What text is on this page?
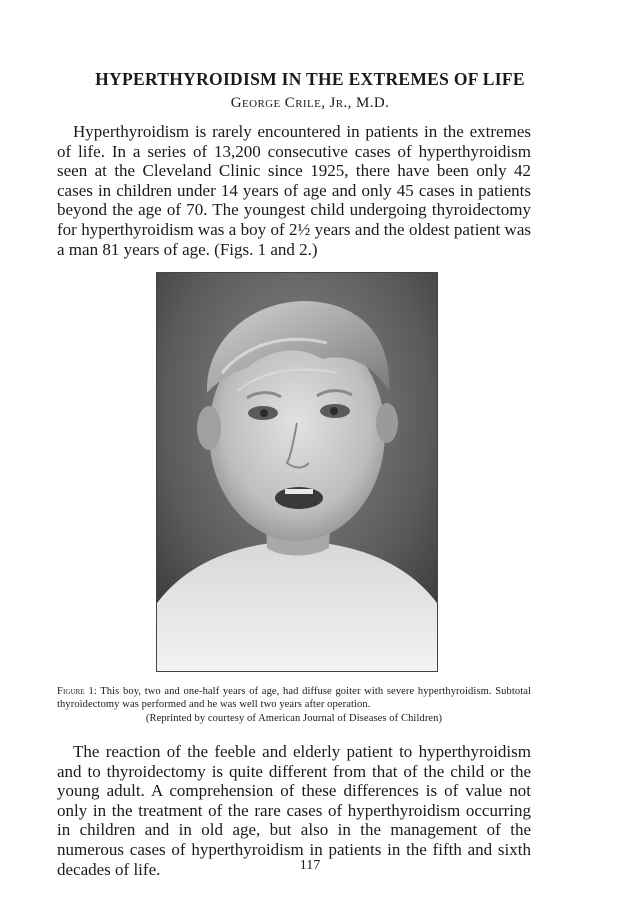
HYPERTHYROIDISM IN THE EXTREMES OF LIFE
George Crile, Jr., M.D.

Hyperthyroidism is rarely encountered in patients in the extremes of life. In a series of 13,200 consecutive cases of hyperthyroidism seen at the Cleveland Clinic since 1925, there have been only 42 cases in children under 14 years of age and only 45 cases in patients beyond the age of 70. The youngest child undergoing thyroidectomy for hyperthyroidism was a boy of 2½ years and the oldest patient was a man 81 years of age. (Figs. 1 and 2.)

Figure 1: This boy, two and one-half years of age, had diffuse goiter with severe hyperthyroidism. Subtotal thyroidectomy was performed and he was well two years after operation.
(Reprinted by courtesy of American Journal of Diseases of Children)

The reaction of the feeble and elderly patient to hyperthyroidism and to thyroidectomy is quite different from that of the child or the young adult. A comprehension of these differences is of value not only in the treatment of the rare cases of hyperthyroidism occurring in children and in old age, but also in the management of the numerous cases of hyperthyroidism in patients in the fifth and sixth decades of life.	117
